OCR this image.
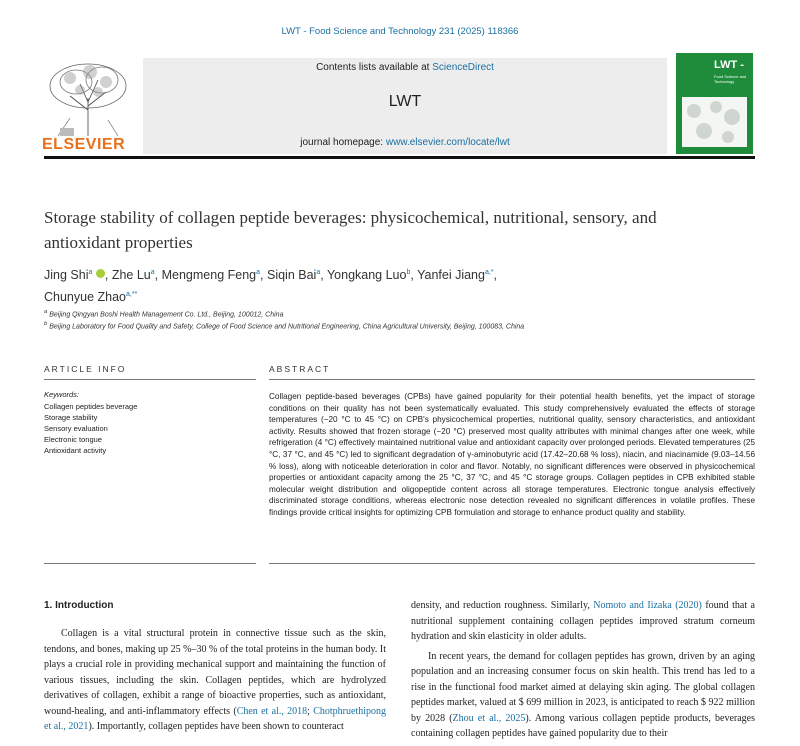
LWT - Food Science and Technology 231 (2025) 118366
ELSEVIER
Contents lists available at ScienceDirect
LWT
journal homepage: www.elsevier.com/locate/lwt
LWT -
Food Science and Technology
Storage stability of collagen peptide beverages: physicochemical, nutritional, sensory, and antioxidant properties
Jing Shi$^a$ , Zhe Lu$^a$, Mengmeng Feng$^a$, Siqin Bai$^a$, Yongkang Luo$^b$, Yanfei Jiang$^{a,*}$,
Chunyue Zhao$^{a,**}$
$^a$ Beijing Qingyan Boshi Health Management Co. Ltd., Beijing, 100012, China
$^b$ Beijing Laboratory for Food Quality and Safety, College of Food Science and Nutritional Engineering, China Agricultural University, Beijing, 100083, China
ARTICLE INFO	ABSTRACT
Keywords:
Collagen peptides beverage
Storage stability
Sensory evaluation
Electronic tongue
Antioxidant activity
Collagen peptide-based beverages (CPBs) have gained popularity for their potential health benefits, yet the impact of storage conditions on their quality has not been systematically evaluated. This study comprehensively evaluated the effects of storage temperatures (−20 °C to 45 °C) on CPB's physicochemical properties, nutritional quality, sensory characteristics, and antioxidant activity. Results showed that frozen storage (−20 °C) preserved most quality attributes with minimal changes after one week, while refrigeration (4 °C) effectively maintained nutritional value and antioxidant capacity over prolonged periods. Elevated temperatures (25 °C, 37 °C, and 45 °C) led to significant degradation of γ-aminobutyric acid (17.42–20.68 % loss), niacin, and niacinamide (9.03–14.56 % loss), along with noticeable deterioration in color and flavor. Notably, no significant differences were observed in physicochemical properties or antioxidant capacity among the 25 °C, 37 °C, and 45 °C storage groups. Collagen peptides in CPB exhibited stable molecular weight distribution and oligopeptide content across all storage temperatures. Electronic tongue analysis effectively discriminated storage conditions, whereas electronic nose detection revealed no significant differences in volatile profiles. These findings provide critical insights for optimizing CPB formulation and storage to enhance product quality and stability.
1. Introduction

Collagen is a vital structural protein in connective tissue such as the skin, tendons, and bones, making up 25 %–30 % of the total proteins in the human body. It plays a crucial role in providing mechanical support and maintaining the function of various tissues, including the skin. Collagen peptides, which are hydrolyzed derivatives of collagen, exhibit a range of bioactive properties, such as antioxidant, wound-healing, and anti-inflammatory effects (Chen et al., 2018; Chotphruethipong et al., 2021). Importantly, collagen peptides have been shown to counteract

density, and reduction roughness. Similarly, Nomoto and Iizaka (2020) found that a nutritional supplement containing collagen peptides improved stratum corneum hydration and skin elasticity in older adults.

In recent years, the demand for collagen peptides has grown, driven by an aging population and an increasing consumer focus on skin health. This trend has led to a rise in the functional food market aimed at delaying skin aging. The global collagen peptides market, valued at $ 699 million in 2023, is anticipated to reach $ 922 million by 2028 (Zhou et al., 2025). Among various collagen peptide products, beverages containing collagen peptides have gained popularity due to their
